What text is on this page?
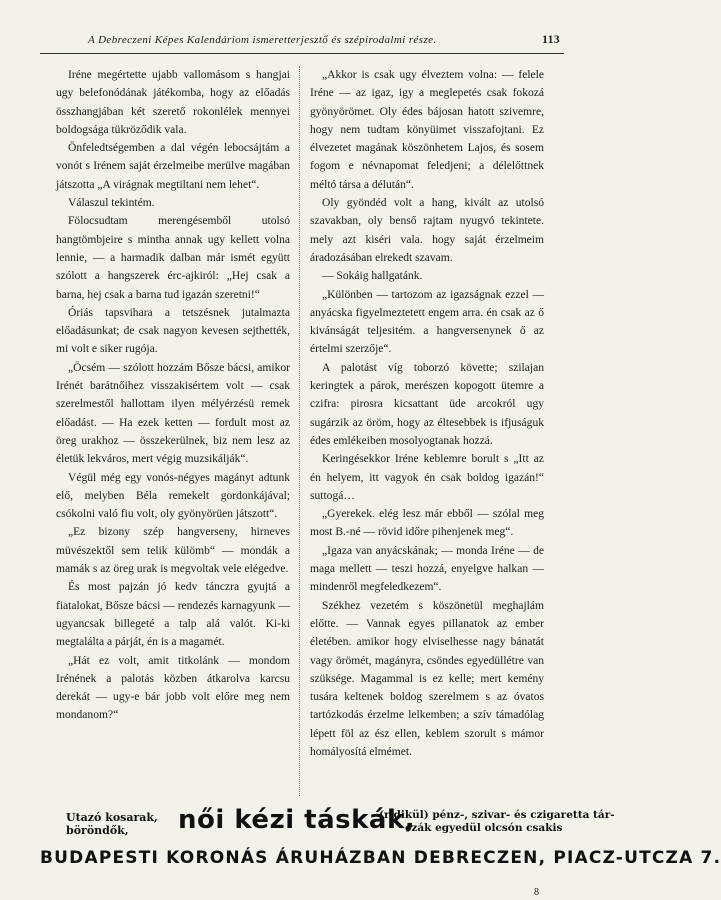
A Debreczeni Képes Kalendáriom ismeretterjesztő és szépirodalmi része.	113

Iréne megértette ujabb vallomásom s hangjai ugy belefonódának játékomba, hogy az előadás összhangjában két szerető rokonlélek mennyei boldogsága tükröződik vala.

Önfeledtségemben a dal végén lebocsájtám a vonót s Irénem saját érzelmeibe merülve magában játszotta „A virágnak megtiltani nem lehet“.

Válaszul tekintém.

Fölocsudtam merengésemből utolsó hangtömbjeire s mintha annak ugy kellett volna lennie, — a harmadik dalban már ismét együtt szólott a hangszerek érc-ajkiról: „Hej csak a barna, hej csak a barna tud igazán szeretni!“

Óriás tapsvihara a tetszésnek jutalmazta előadásunkat; de csak nagyon kevesen sejthették, mi volt e siker rugója.

„Öcsém — szólott hozzám Bősze bácsi, amikor Irénét barátnőihez visszakisértem volt — csak szerelmestől hallottam ilyen mélyérzésü remek előadást. — Ha ezek ketten — fordult most az öreg urakhoz — összekerülnek, biz nem lesz az életük lekváros, mert végig muzsikálják“.

Végül még egy vonós-négyes magányt adtunk elő, melyben Béla remekelt gordonkájával; csókolni való fiu volt, oly gyönyörüen játszott“.

„Ez bizony szép hangverseny, hirneves müvészektől sem telik külömb“ — mondák a mamák s az öreg urak is megvoltak vele elégedve.

És most pajzán jó kedv tánczra gyujtá a fiatalokat, Bősze bácsi — rendezés karnagyunk — ugyancsak billegeté a talp alá valót. Ki-ki megtalálta a párját, én is a magamét.

„Hát ez volt, amit titkolánk — mondom Irénének a palotás közben átkarolva karcsu derekát — ugy-e bár jobb volt előre meg nem mondanom?“

„Akkor is csak ugy élveztem volna: — felele Iréne — az igaz, igy a meglepetés csak fokozá gyönyörömet. Oly édes bájosan hatott szivemre, hogy nem tudtam könyüimet visszafojtani. Ez élvezetet magának köszönhetem Lajos, és sosem fogom e névnapomat feledjeni; a délelőttnek méltó társa a délután“.

Oly gyöndéd volt a hang, kivált az utolsó szavakban, oly benső rajtam nyugvó tekintete. mely azt kiséri vala. hogy saját érzelmeim áradozásában elrekedt szavam.

— Sokáig hallgatánk.

„Különben — tartozom az igazságnak ezzel — anyácska figyelmeztetett engem arra. én csak az ő kivánságát teljesitém. a hangversenynek ő az értelmi szerzője“.

A palotást víg toborzó követte; szilajan keringtek a párok, merészen kopogott ütemre a czifra: pirosra kicsattant üde arcokról ugy sugárzik az öröm, hogy az éltesebbek is ifjuságuk édes emlékeiben mosolyogtanak hozzá.

Keringésekkor Iréne keblemre borult s „Itt az én helyem, itt vagyok én csak boldog igazán!“ suttogá…

„Gyerekek. elég lesz már ebből — szólal meg most B.-né — rövid időre pihenjenek meg“.

„Igaza van anyácskának; — monda Iréne — de maga mellett — teszi hozzá, enyelgve halkan — mindenről megfeledkezem“.

Székhez vezetém s köszönetül meghajlám előtte. — Vannak egyes pillanatok az ember életében. amikor hogy elviselhesse nagy bánatát vagy örömét, magányra, csöndes egyedüllétre van szüksége. Magammal is ez kelle; mert kemény tusára keltenek boldog szerelmem s az óvatos tartózkodás érzelme lelkemben; a szív támadólag lépett föl az ész ellen, keblem szorult s mámor homályosítá elmémet.

Utazó kosarak,
böröndők,	női kézi táskák,
(ridikül) pénz-, szivar- és czigaretta tár-
czák egyedül olcsón csakis
BUDAPESTI KORONÁS ÁRUHÁZBAN DEBRECZEN, PIACZ-UTCZA 7.
8
